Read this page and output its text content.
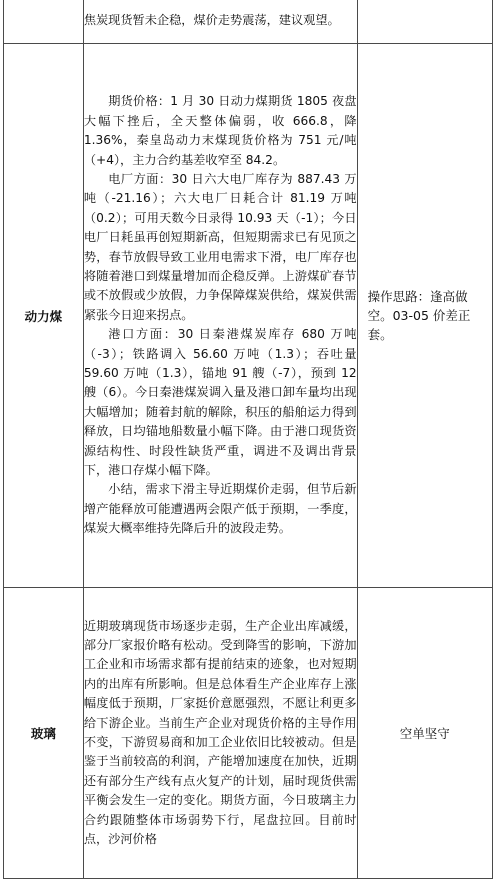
	焦炭现货暂未企稳，煤价走势震荡，建议观望。	

动力煤	期货价格：1 月 30 日动力煤期货 1805 夜盘大幅下挫后，全天整体偏弱，收 666.8，降 1.36%，秦皇岛动力末煤现货价格为 751 元/吨（+4），主力合约基差收窄至 84.2。

电厂方面：30 日六大电厂库存为 887.43 万吨（-21.16）；六大电厂日耗合计 81.19 万吨（0.2）；可用天数今日录得 10.93 天（-1）；今日电厂日耗虽再创短期新高，但短期需求已有见顶之势，春节放假导致工业用电需求下滑，电厂库存也将随着港口到煤量增加而企稳反弹。上游煤矿春节或不放假或少放假，力争保障煤炭供给，煤炭供需紧张今日迎来拐点。

港口方面：30 日秦港煤炭库存 680 万吨（-3）；铁路调入 56.60 万吨（1.3）；吞吐量 59.60 万吨（1.3），锚地 91 艘（-7），预到 12 艘（6）。今日秦港煤炭调入量及港口卸车量均出现大幅增加；随着封航的解除，积压的船舶运力得到释放，日均锚地船数量小幅下降。由于港口现货资源结构性、时段性缺货严重，调进不及调出背景下，港口存煤小幅下降。

小结，需求下滑主导近期煤价走弱，但节后新增产能释放可能遭遇两会限产低于预期，一季度，煤炭大概率维持先降后升的波段走势。	操作思路：逢高做空。03-05 价差正套。
玻璃	近期玻璃现货市场逐步走弱，生产企业出库减缓，部分厂家报价略有松动。受到降雪的影响，下游加工企业和市场需求都有提前结束的迹象，也对短期内的出库有所影响。但是总体看生产企业库存上涨幅度低于预期，厂家挺价意愿强烈，不愿让利更多给下游企业。当前生产企业对现货价格的主导作用不变，下游贸易商和加工企业依旧比较被动。但是鉴于当前较高的利润，产能增加速度在加快，近期还有部分生产线有点火复产的计划，届时现货供需平衡会发生一定的变化。期货方面，今日玻璃主力合约跟随整体市场弱势下行，尾盘拉回。目前时点，沙河价格	空单坚守
